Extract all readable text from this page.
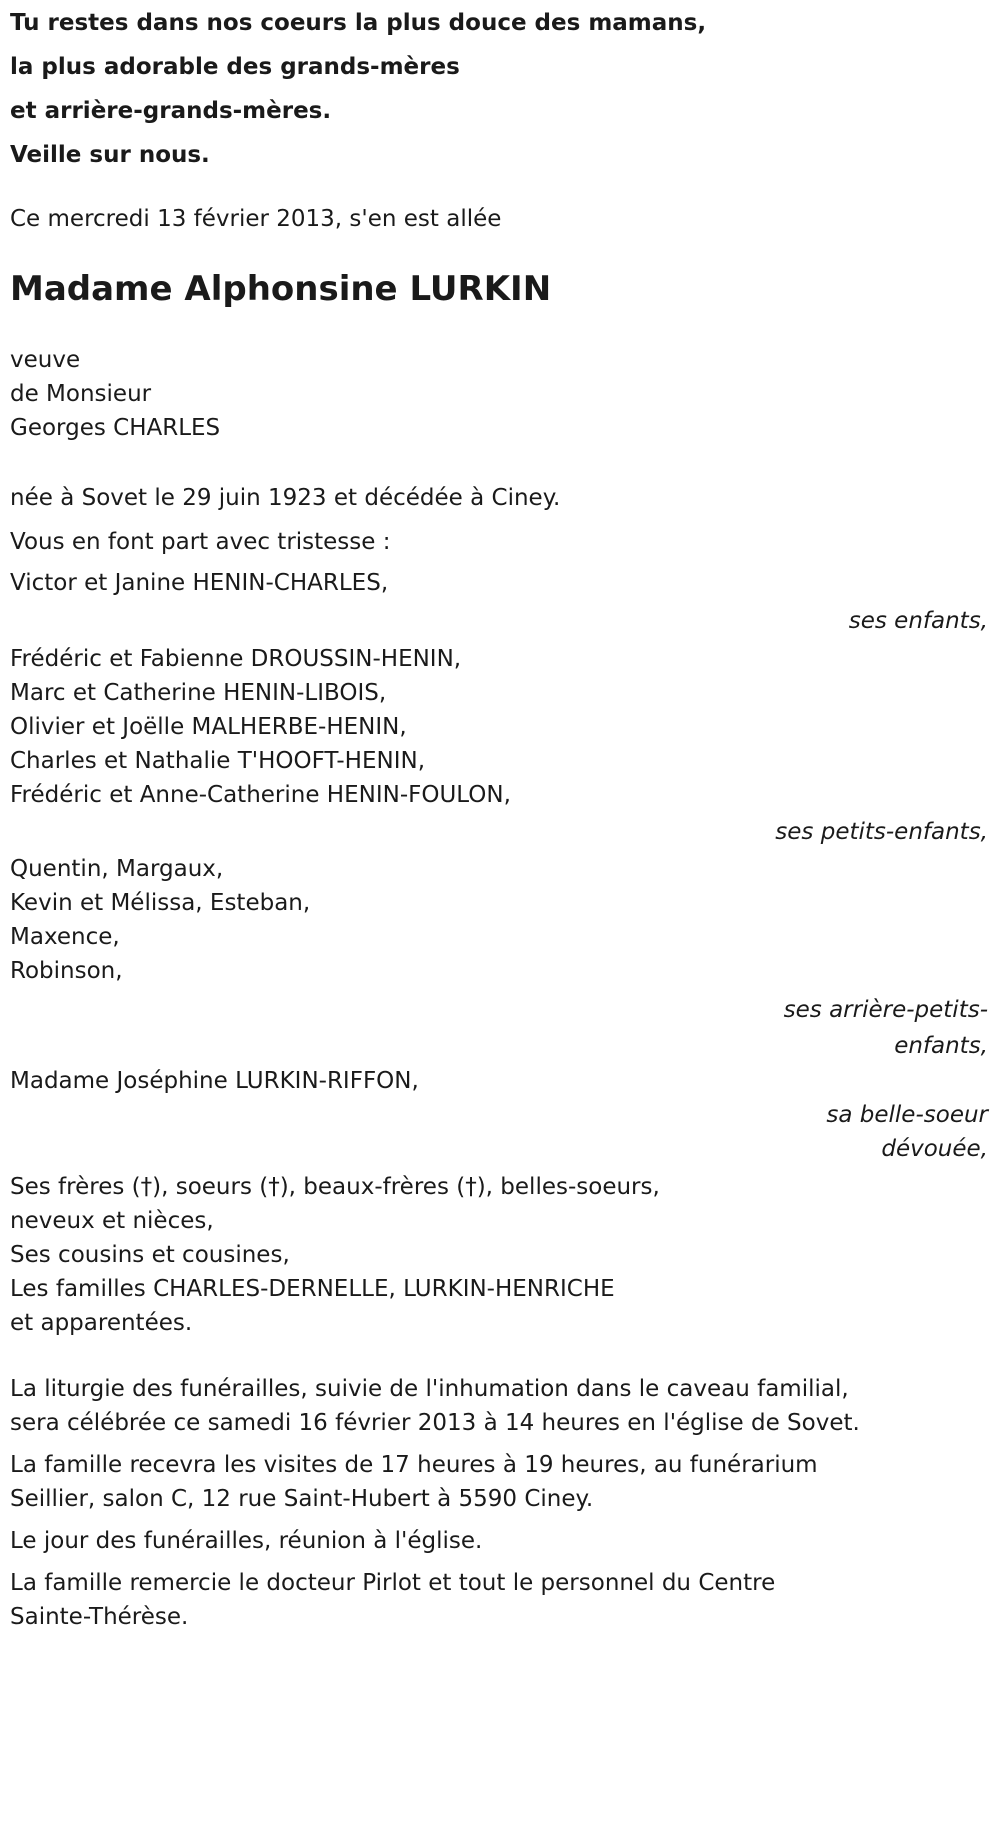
Tu restes dans nos coeurs la plus douce des mamans,
la plus adorable des grands-mères
et arrière-grands-mères.
Veille sur nous.
Ce mercredi 13 février 2013, s'en est allée
Madame Alphonsine LURKIN
veuve
de Monsieur
Georges CHARLES
née à Sovet le 29 juin 1923 et décédée à Ciney.
Vous en font part avec tristesse :
Victor et Janine HENIN-CHARLES,
ses enfants,
Frédéric et Fabienne DROUSSIN-HENIN,
Marc et Catherine HENIN-LIBOIS,
Olivier et Joëlle MALHERBE-HENIN,
Charles et Nathalie T'HOOFT-HENIN,
Frédéric et Anne-Catherine HENIN-FOULON,
ses petits-enfants,
Quentin, Margaux,
Kevin et Mélissa, Esteban,
Maxence,
Robinson,
ses arrière-petits-
enfants,
Madame Joséphine LURKIN-RIFFON,
sa belle-soeur
dévouée,
Ses frères (†), soeurs (†), beaux-frères (†), belles-soeurs,
neveux et nièces,
Ses cousins et cousines,
Les familles CHARLES-DERNELLE, LURKIN-HENRICHE
et apparentées.
La liturgie des funérailles, suivie de l'inhumation dans le caveau familial,
sera célébrée ce samedi 16 février 2013 à 14 heures en l'église de Sovet.
La famille recevra les visites de 17 heures à 19 heures, au funérarium
Seillier, salon C, 12 rue Saint-Hubert à 5590 Ciney.
Le jour des funérailles, réunion à l'église.
La famille remercie le docteur Pirlot et tout le personnel du Centre
Sainte-Thérèse.
